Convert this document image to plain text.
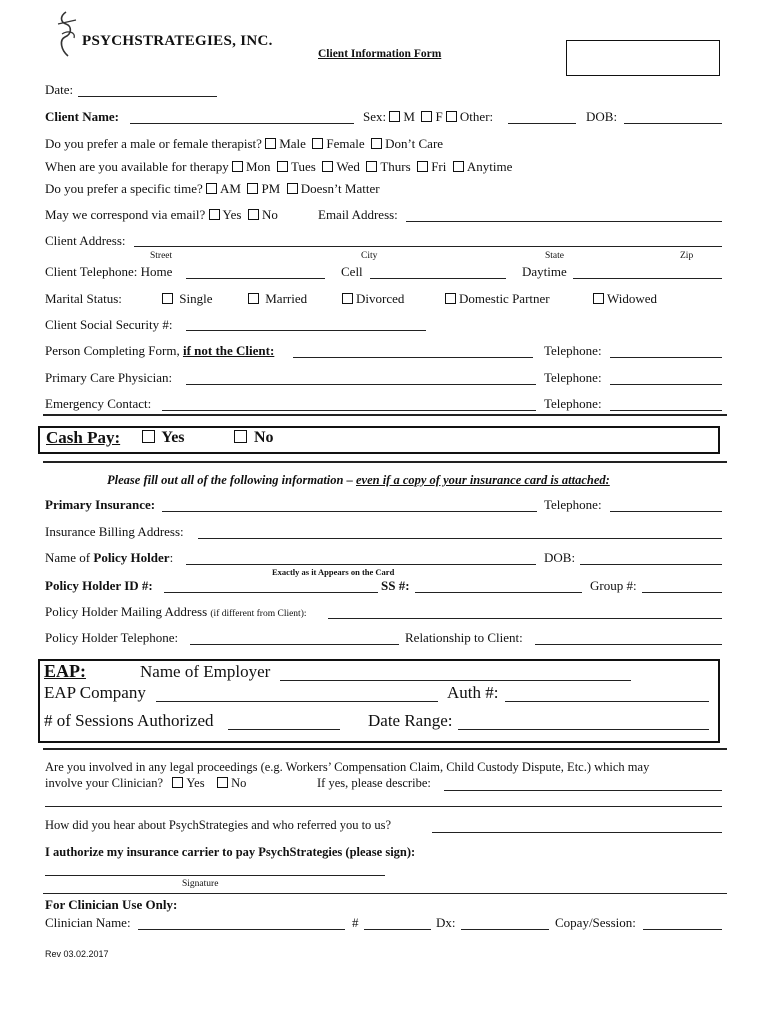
PSYCHSTRATEGIES, INC.
Client Information Form
Date:
Client Name:	Sex: M F Other:	DOB:
Do you prefer a male or female therapist? Male Female Don’t Care
When are you available for therapy Mon Tues Wed Thurs Fri Anytime
Do you prefer a specific time? AM PM Doesn’t Matter
May we correspond via email? Yes No	Email Address:
Client Address:
Street	City	State	Zip
Client Telephone: Home	Cell	Daytime
Marital Status:	Single	Married	Divorced	Domestic Partner	Widowed
Client Social Security #:
Person Completing Form, if not the Client:	Telephone:
Primary Care Physician:	Telephone:
Emergency Contact:	Telephone:
Cash Pay:	Yes	No
Please fill out all of the following information – even if a copy of your insurance card is attached:
Primary Insurance:	Telephone:
Insurance Billing Address:
Name of Policy Holder:	DOB:
Exactly as it Appears on the Card
Policy Holder ID #:	SS #:	Group #:
Policy Holder Mailing Address (if different from Client):
Policy Holder Telephone:	Relationship to Client:
EAP:	Name of Employer
EAP Company	Auth #:
# of Sessions Authorized	Date Range:
Are you involved in any legal proceedings (e.g. Workers’ Compensation Claim, Child Custody Dispute, Etc.) which may
involve your Clinician? Yes No	If yes, please describe:
How did you hear about PsychStrategies and who referred you to us?
I authorize my insurance carrier to pay PsychStrategies (please sign):
Signature
For Clinician Use Only:
Clinician Name:	#	Dx:	Copay/Session:
Rev 03.02.2017
